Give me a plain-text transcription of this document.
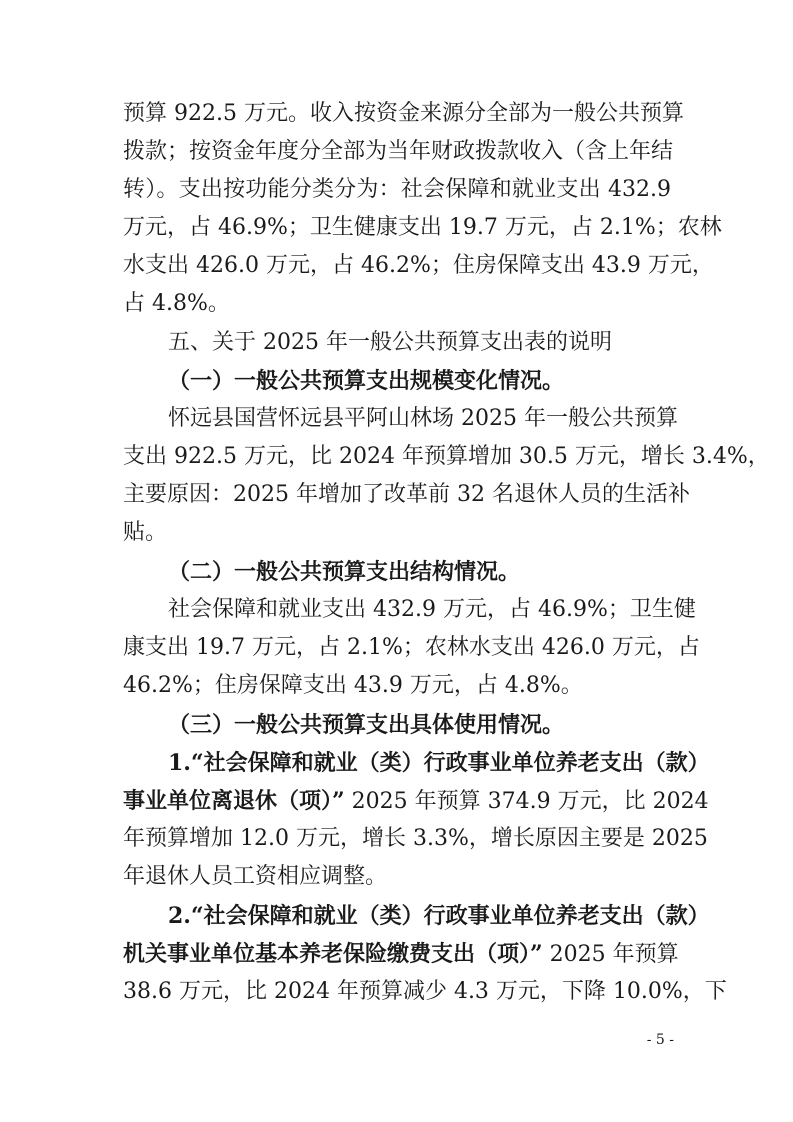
预算 922.5 万元。收入按资金来源分全部为一般公共预算
拨款；按资金年度分全部为当年财政拨款收入（含上年结
转）。支出按功能分类分为：社会保障和就业支出 432.9
万元，占 46.9%；卫生健康支出 19.7 万元，占 2.1%；农林
水支出 426.0 万元，占 46.2%；住房保障支出 43.9 万元，
占 4.8%。
五、关于 2025 年一般公共预算支出表的说明
（一）一般公共预算支出规模变化情况。
怀远县国营怀远县平阿山林场 2025 年一般公共预算
支出 922.5 万元，比 2024 年预算增加 30.5 万元，增长 3.4%，
主要原因：2025 年增加了改革前 32 名退休人员的生活补
贴。
（二）一般公共预算支出结构情况。
社会保障和就业支出 432.9 万元，占 46.9%；卫生健
康支出 19.7 万元，占 2.1%；农林水支出 426.0 万元，占
46.2%；住房保障支出 43.9 万元，占 4.8%。
（三）一般公共预算支出具体使用情况。
1.“社会保障和就业（类）行政事业单位养老支出（款）
事业单位离退休（项）” 2025 年预算 374.9 万元，比 2024
年预算增加 12.0 万元，增长 3.3%，增长原因主要是 2025
年退休人员工资相应调整。
2.“社会保障和就业（类）行政事业单位养老支出（款）
机关事业单位基本养老保险缴费支出（项）” 2025 年预算
38.6 万元，比 2024 年预算减少 4.3 万元，下降 10.0%，下
- 5 -
